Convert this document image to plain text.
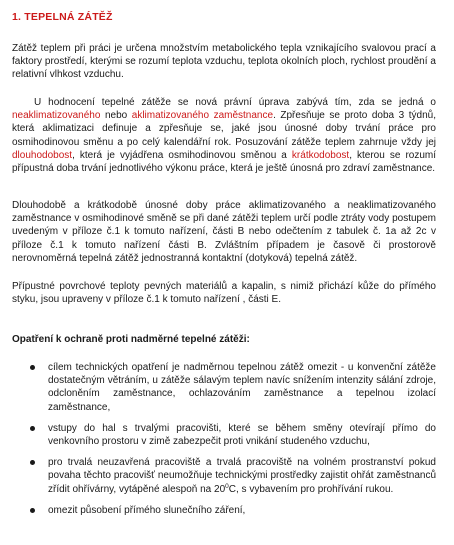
1. TEPELNÁ ZÁTĚŽ

Zátěž teplem při práci je určena množstvím metabolického tepla vznikajícího svalovou prací a faktory prostředí, kterými se rozumí teplota vzduchu, teplota okolních ploch, rychlost proudění a relativní vlhkost vzduchu.

U hodnocení tepelné zátěže se nová právní úprava zabývá tím, zda se jedná o neaklimatizovaného nebo aklimatizovaného zaměstnance. Zpřesňuje se proto doba 3 týdnů, která aklimatizaci definuje a zpřesňuje se, jaké jsou únosné doby trvání práce pro osmihodinovou směnu a po celý kalendářní rok. Posuzování zátěže teplem zahrnuje vždy jej dlouhodobost, která je vyjádřena osmihodinovou směnou a krátkodobost, kterou se rozumí přípustná doba trvání jednotlivého výkonu práce, která je ještě únosná pro zdraví zaměstnance.

Dlouhodobě a krátkodobě únosné doby práce aklimatizovaného a neaklimatizovaného zaměstnance v osmihodinové směně se při dané zátěži teplem určí podle ztráty vody postupem uvedeným v příloze č.1 k tomuto nařízení, části B nebo odečtením z tabulek č. 1a až 2c v příloze č.1 k tomuto nařízení části B. Zvláštním případem je časově či prostorově nerovnoměrná tepelná zátěž jednostranná kontaktní (dotyková) tepelná zátěž.

Přípustné povrchové teploty pevných materiálů a kapalin, s nimiž přichází kůže do přímého styku, jsou upraveny v příloze č.1 k tomuto nařízení , části E.

Opatření k ochraně proti nadměrné tepelné zátěži:
cílem technických opatření je nadměrnou tepelnou zátěž omezit - u konvenční zátěže dostatečným větráním, u zátěže sálavým teplem navíc snížením intenzity sálání zdroje, odcloněním zaměstnance, ochlazováním zaměstnance a tepelnou izolací zaměstnance,
vstupy do hal s trvalými pracovišti, které se během směny otevírají přímo do venkovního prostoru v zimě zabezpečit proti vnikání studeného vzduchu,
pro trvalá neuzavřená pracoviště a trvalá pracoviště na volném prostranství pokud povaha těchto pracovišť neumožňuje technickými prostředky zajistit ohřát zaměstnanců zřídit ohřívárny, vytápěné alespoň na $20^0C$, s vybavením pro prohřívání rukou.
omezit působení přímého slunečního záření,
